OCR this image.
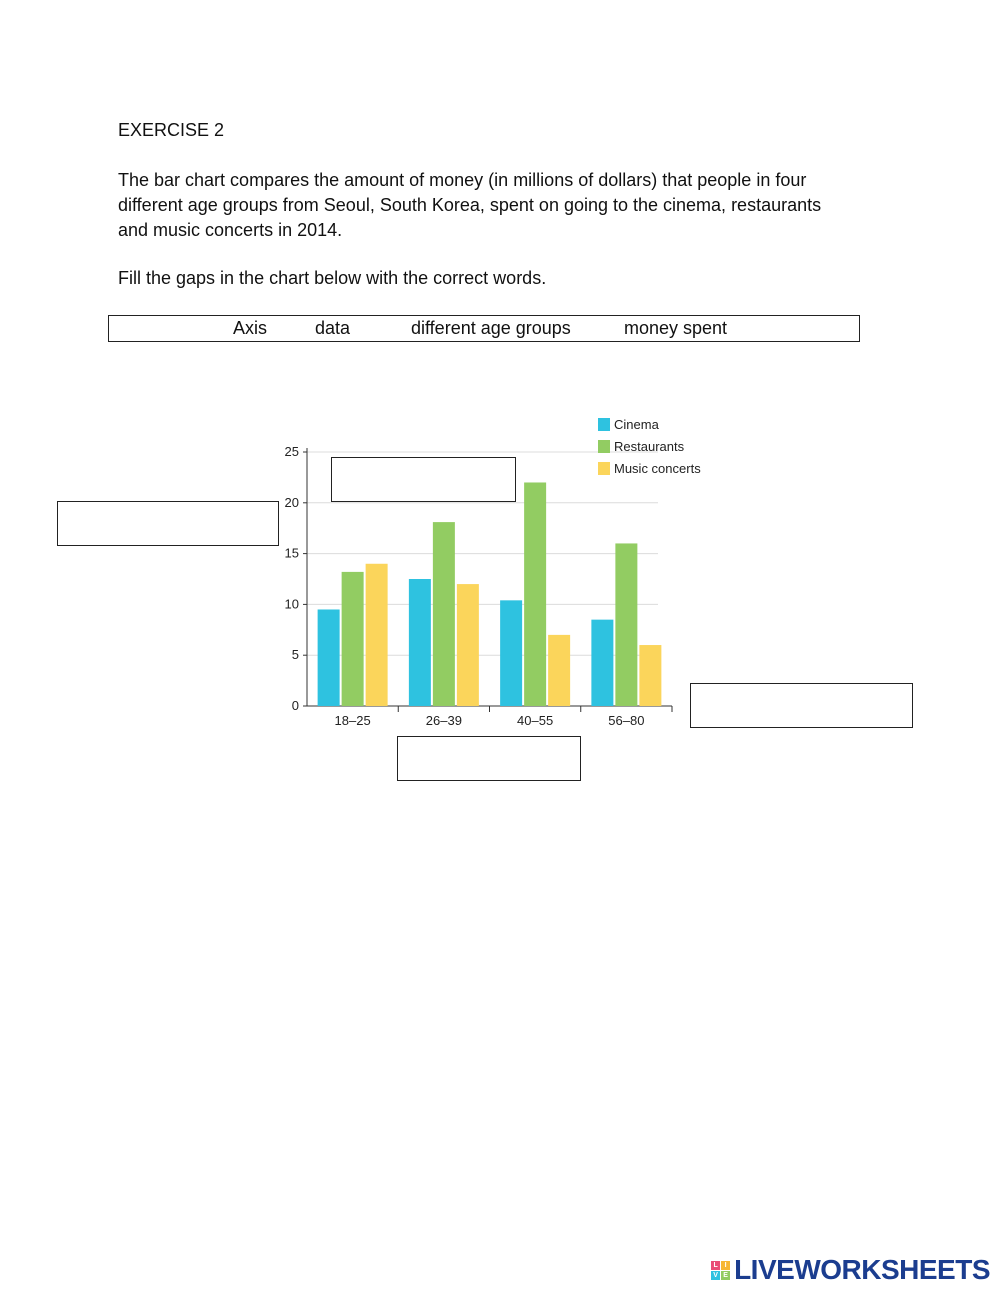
EXERCISE 2
The bar chart compares the amount of money (in millions of dollars) that people in four
different age groups from Seoul, South Korea, spent on going to the cinema, restaurants
and music concerts in 2014.
Fill the gaps in the chart below with the correct words.
Axis	data	different age groups	money spent
0
5
10
15
20
25
18–25	26–39	40–55	56–80
Cinema
Restaurants
Music concerts
L I
V E LIVEWORKSHEETS
